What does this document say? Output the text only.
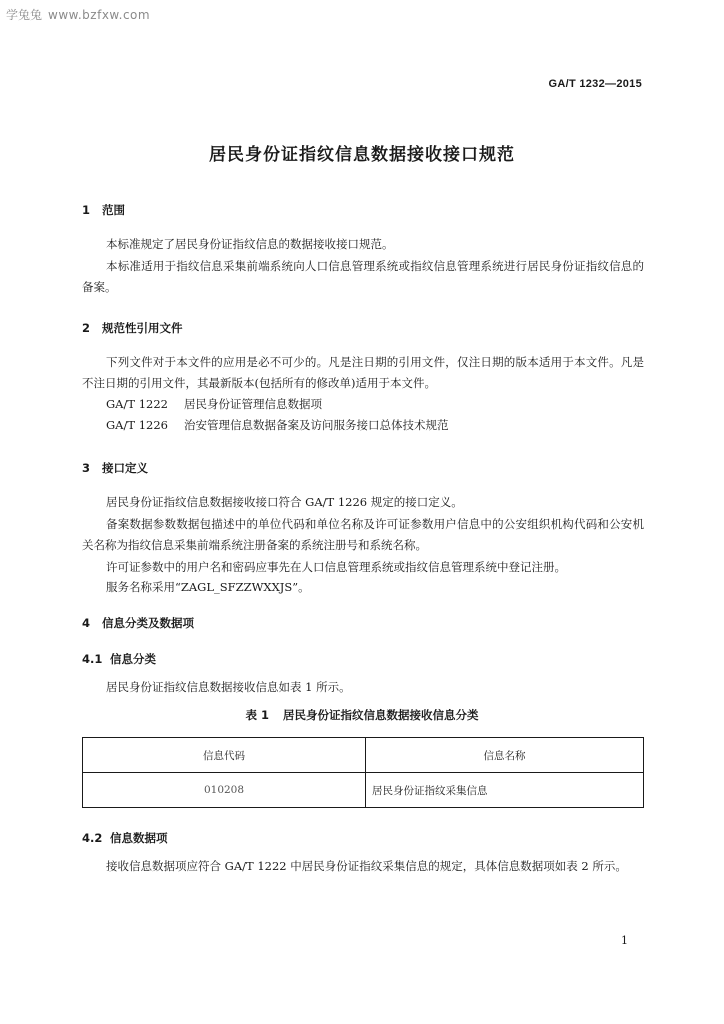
学兔兔 www.bzfxw.com
GA/T 1232—2015
居民身份证指纹信息数据接收接口规范
1 范围
本标准规定了居民身份证指纹信息的数据接收接口规范。
本标准适用于指纹信息采集前端系统向人口信息管理系统或指纹信息管理系统进行居民身份证指纹信息的备案。
2 规范性引用文件
下列文件对于本文件的应用是必不可少的。凡是注日期的引用文件，仅注日期的版本适用于本文件。凡是不注日期的引用文件，其最新版本(包括所有的修改单)适用于本文件。
GA/T 1222 居民身份证管理信息数据项
GA/T 1226 治安管理信息数据备案及访问服务接口总体技术规范
3 接口定义
居民身份证指纹信息数据接收接口符合 GA/T 1226 规定的接口定义。
备案数据参数数据包描述中的单位代码和单位名称及许可证参数用户信息中的公安组织机构代码和公安机关名称为指纹信息采集前端系统注册备案的系统注册号和系统名称。
许可证参数中的用户名和密码应事先在人口信息管理系统或指纹信息管理系统中登记注册。
服务名称采用“ZAGL_SFZZWXXJS”。
4 信息分类及数据项
4.1 信息分类
居民身份证指纹信息数据接收信息如表 1 所示。
表 1 居民身份证指纹信息数据接收信息分类
信息代码	信息名称
010208	居民身份证指纹采集信息
4.2 信息数据项
接收信息数据项应符合 GA/T 1222 中居民身份证指纹采集信息的规定，具体信息数据项如表 2 所示。
1
